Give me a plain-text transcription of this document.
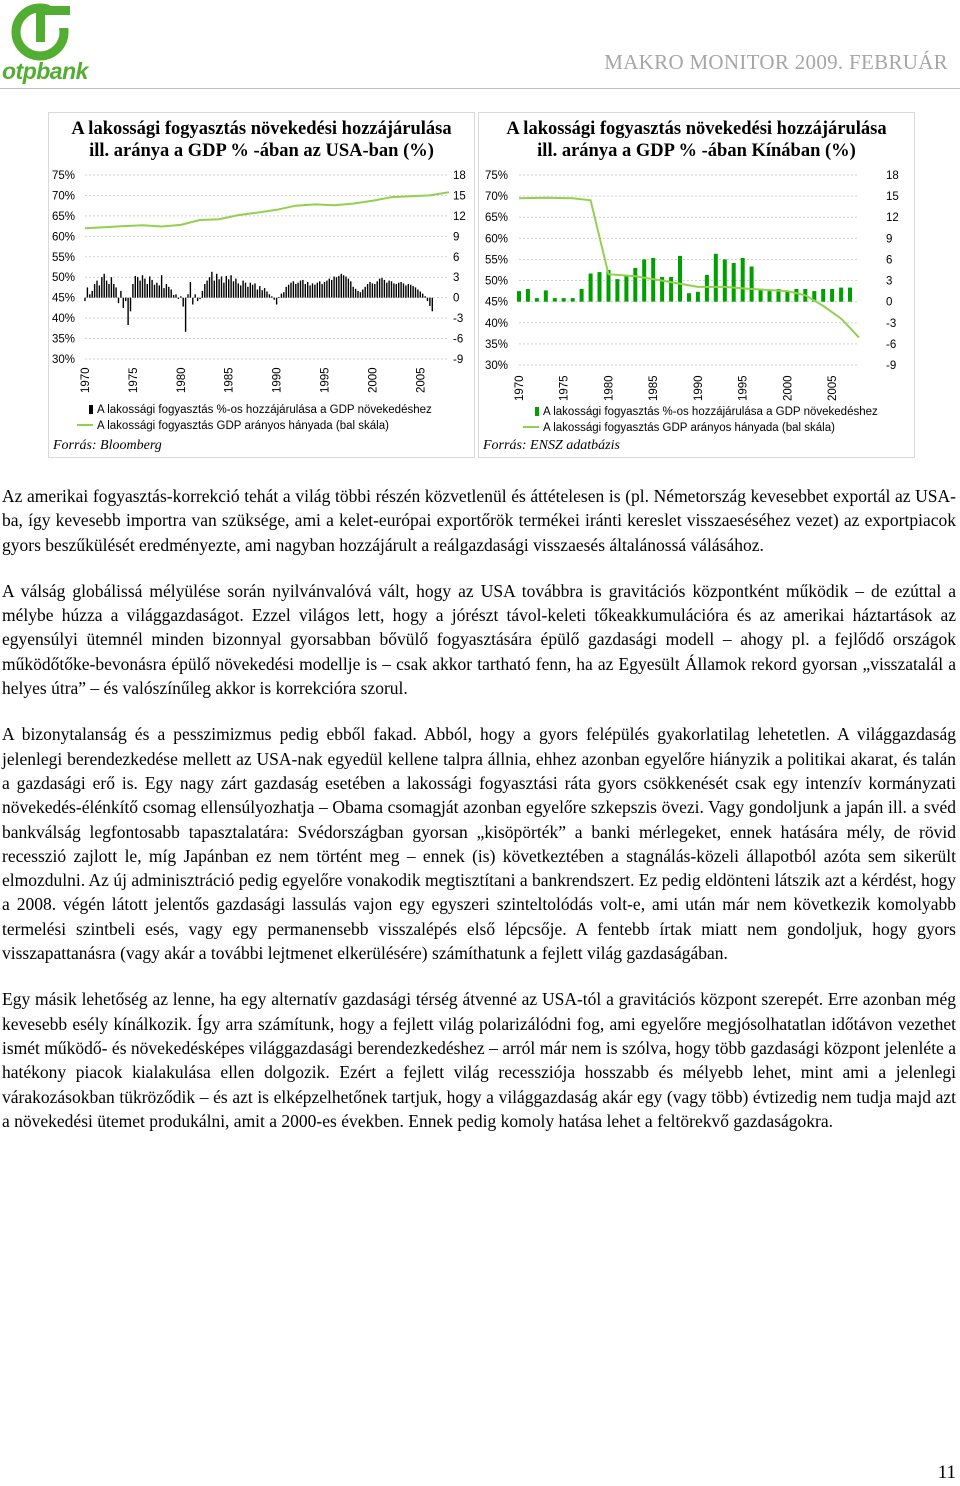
otpbank	MAKRO MONITOR 2009. FEBRUÁR
A lakossági fogyasztás növekedési hozzájárulása
ill. aránya a GDP % -ában az USA-ban (%)
75%
70%
65%
60%
55%
50%
45%
40%
35%
30%
18
15
12
9
6
3
0
-3
-6
-9
1970	1975	1980	1985	1990	1995	2000	2005
A lakossági fogyasztás %-os hozzájárulása a GDP növekedéshez
A lakossági fogyasztás GDP arányos hányada (bal skála)
Forrás: Bloomberg
A lakossági fogyasztás növekedési hozzájárulása
ill. aránya a GDP % -ában Kínában (%)
75%
70%
65%
60%
55%
50%
45%
40%
35%
30%
18
15
12
9
6
3
0
-3
-6
-9
1970	1975	1980	1985	1990	1995	2000	2005
A lakossági fogyasztás %-os hozzájárulása a GDP növekedéshez
A lakossági fogyasztás GDP arányos hányada (bal skála)
Forrás: ENSZ adatbázis

Az amerikai fogyasztás-korrekció tehát a világ többi részén közvetlenül és áttételesen is (pl. Németország kevesebbet exportál az USA-ba, így kevesebb importra van szüksége, ami a kelet-európai exportőrök termékei iránti kereslet visszaeséséhez vezet) az exportpiacok gyors beszűkülését eredményezte, ami nagyban hozzájárult a reálgazdasági visszaesés általánossá válásához.

A válság globálissá mélyülése során nyilvánvalóvá vált, hogy az USA továbbra is gravitációs központként működik – de ezúttal a mélybe húzza a világgazdaságot. Ezzel világos lett, hogy a jórészt távol-keleti tőkeakkumulációra és az amerikai háztartások az egyensúlyi ütemnél minden bizonnyal gyorsabban bővülő fogyasztására épülő gazdasági modell – ahogy pl. a fejlődő országok működőtőke-bevonásra épülő növekedési modellje is – csak akkor tartható fenn, ha az Egyesült Államok rekord gyorsan „visszatalál a helyes útra” – és valószínűleg akkor is korrekcióra szorul.

A bizonytalanság és a pesszimizmus pedig ebből fakad. Abból, hogy a gyors felépülés gyakorlatilag lehetetlen. A világgazdaság jelenlegi berendezkedése mellett az USA-nak egyedül kellene talpra állnia, ehhez azonban egyelőre hiányzik a politikai akarat, és talán a gazdasági erő is. Egy nagy zárt gazdaság esetében a lakossági fogyasztási ráta gyors csökkenését csak egy intenzív kormányzati növekedés-élénkítő csomag ellensúlyozhatja – Obama csomagját azonban egyelőre szkepszis övezi. Vagy gondoljunk a japán ill. a svéd bankválság legfontosabb tapasztalatára: Svédországban gyorsan „kisöpörték” a banki mérlegeket, ennek hatására mély, de rövid recesszió zajlott le, míg Japánban ez nem történt meg – ennek (is) következtében a stagnálás-közeli állapotból azóta sem sikerült elmozdulni. Az új adminisztráció pedig egyelőre vonakodik megtisztítani a bankrendszert. Ez pedig eldönteni látszik azt a kérdést, hogy a 2008. végén látott jelentős gazdasági lassulás vajon egy egyszeri szinteltolódás volt-e, ami után már nem következik komolyabb termelési szintbeli esés, vagy egy permanensebb visszalépés első lépcsője. A fentebb írtak miatt nem gondoljuk, hogy gyors visszapattanásra (vagy akár a további lejtmenet elkerülésére) számíthatunk a fejlett világ gazdaságában.

Egy másik lehetőség az lenne, ha egy alternatív gazdasági térség átvenné az USA-tól a gravitációs központ szerepét. Erre azonban még kevesebb esély kínálkozik. Így arra számítunk, hogy a fejlett világ polarizálódni fog, ami egyelőre megjósolhatatlan időtávon vezethet ismét működő- és növekedésképes világgazdasági berendezkedéshez – arról már nem is szólva, hogy több gazdasági központ jelenléte a hatékony piacok kialakulása ellen dolgozik. Ezért a fejlett világ recessziója hosszabb és mélyebb lehet, mint ami a jelenlegi várakozásokban tükröződik – és azt is elképzelhetőnek tartjuk, hogy a világgazdaság akár egy (vagy több) évtizedig nem tudja majd azt a növekedési ütemet produkálni, amit a 2000-es években. Ennek pedig komoly hatása lehet a feltörekvő gazdaságokra.

11
